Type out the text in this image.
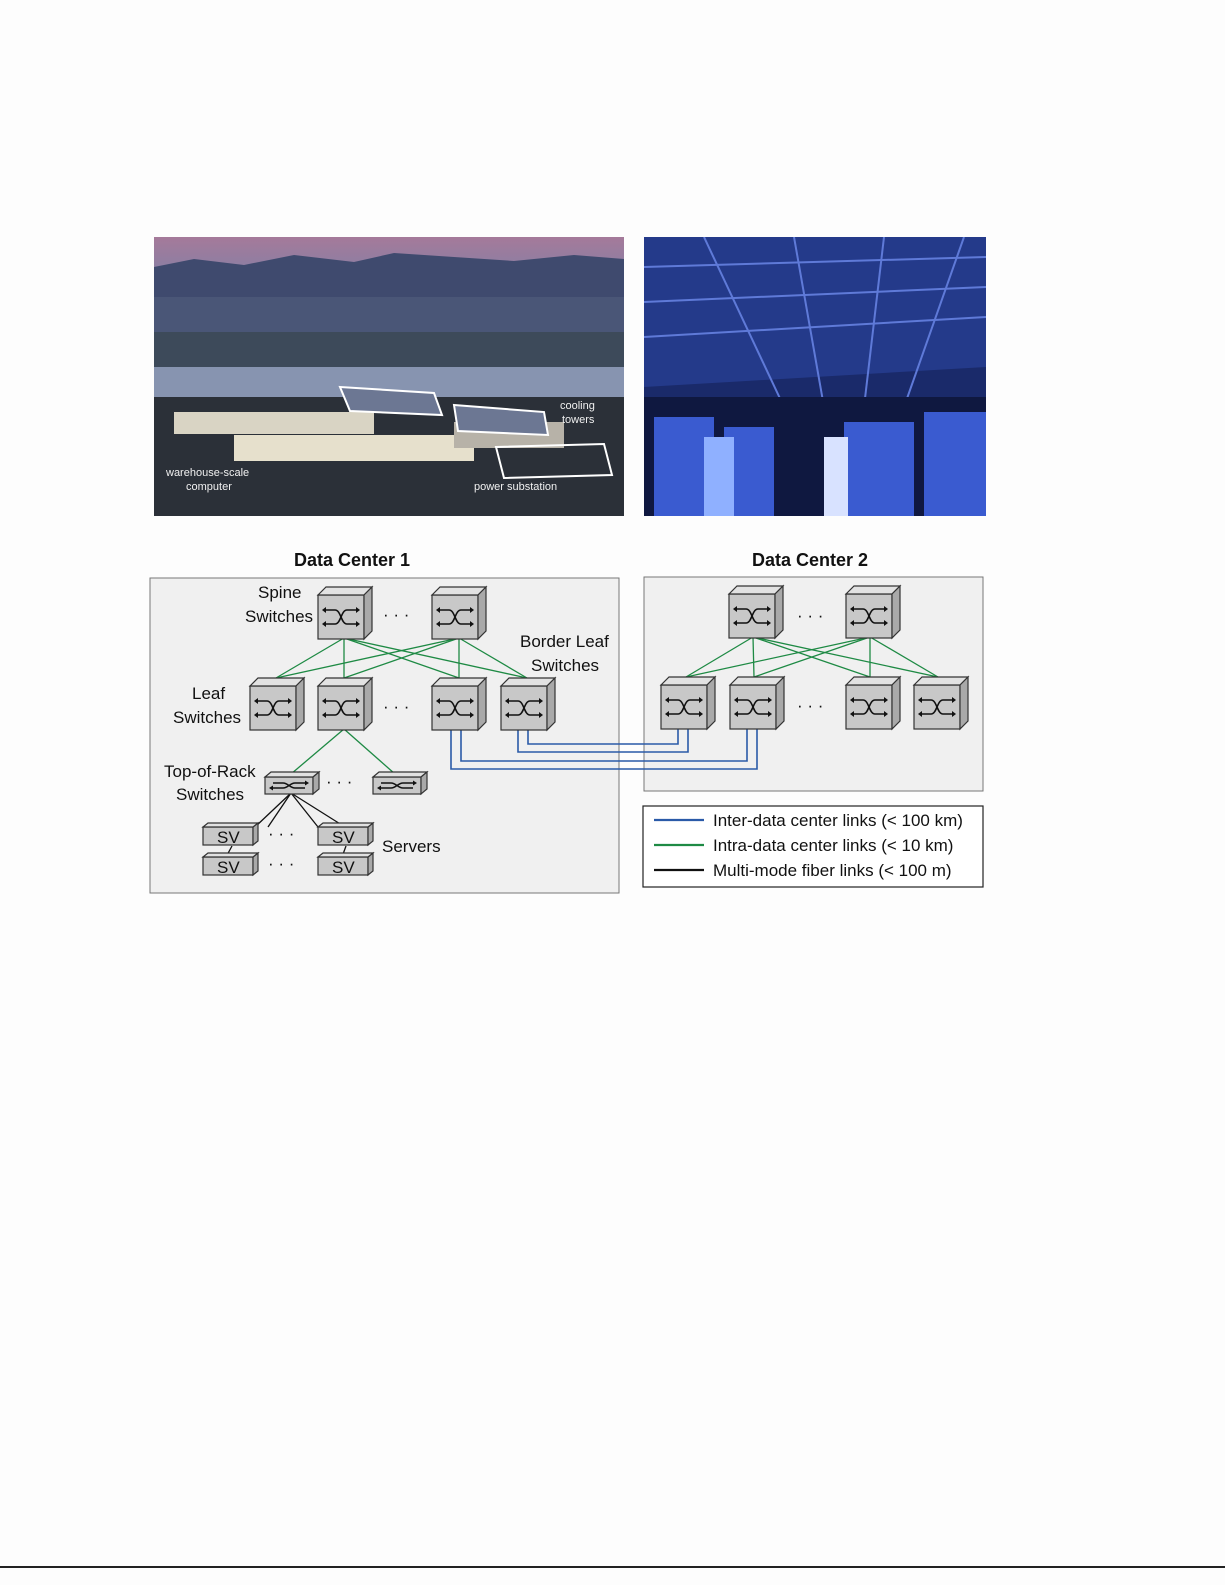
cooling
towers
warehouse-scale
computer	power substation
Data Center 1	Data Center 2
SV	SV
SV	SV
· · ·
· · ·
· · ·
· · ·
· · ·
· · ·
· · ·
Spine
Switches
Border Leaf
Switches
Leaf
Switches
Top-of-Rack
Switches
Servers
Inter-data center links (< 100 km)
Intra-data center links (< 10 km)
Multi-mode fiber links (< 100 m)
